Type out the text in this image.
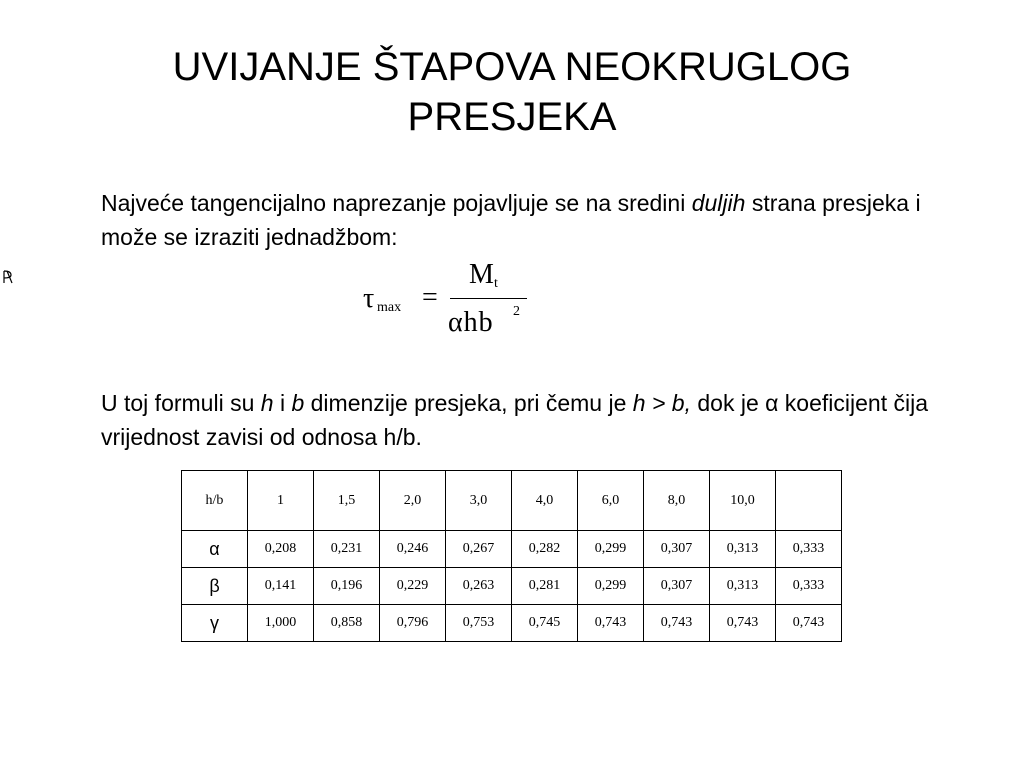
UVIJANJE ŠTAPOVA NEOKRUGLOG
PRESJEKA

Najveće tangencijalno naprezanje pojavljuje se na sredini duljih strana presjeka i može se izraziti jednadžbom:

τ max =
M t
αhb 2

U toj formuli su h i b dimenzije presjeka, pri čemu je h > b, dok je α koeficijent čija vrijednost zavisi od odnosa h/b.

h/b	1	1,5	2,0	3,0	4,0	6,0	8,0	10,0	
α	0,208	0,231	0,246	0,267	0,282	0,299	0,307	0,313	0,333
β	0,141	0,196	0,229	0,263	0,281	0,299	0,307	0,313	0,333
γ	1,000	0,858	0,796	0,753	0,745	0,743	0,743	0,743	0,743
